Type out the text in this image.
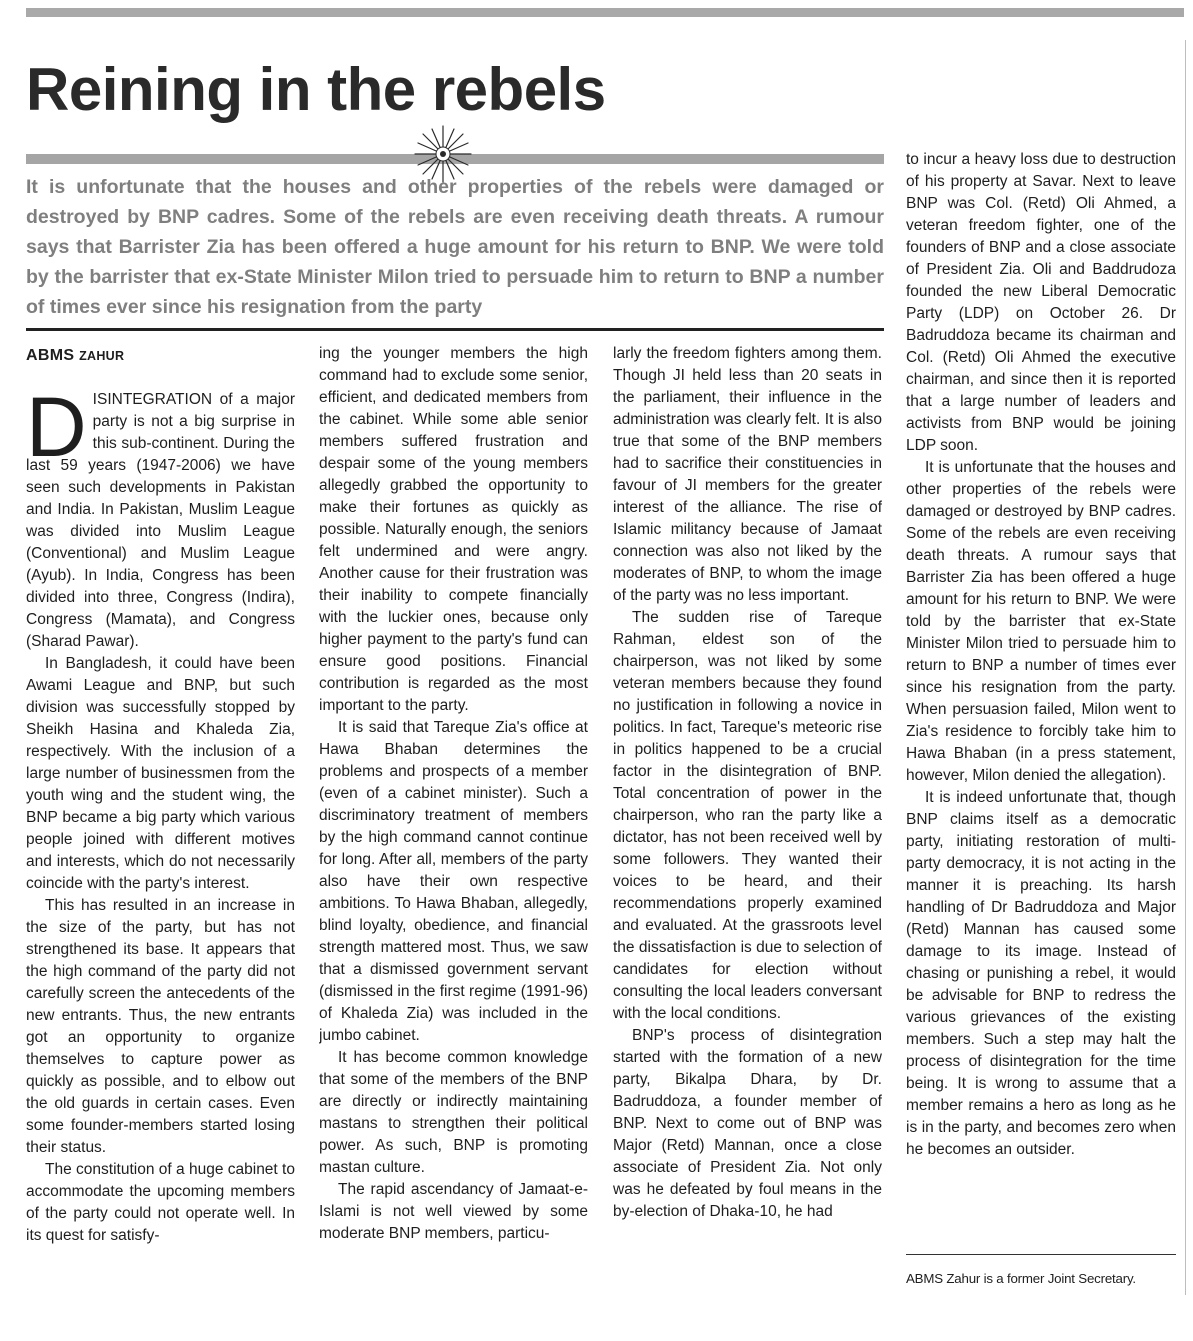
Reining in the rebels

It is unfortunate that the houses and other properties of the rebels were damaged or destroyed by BNP cadres. Some of the rebels are even receiving death threats. A rumour says that Barrister Zia has been offered a huge amount for his return to BNP. We were told by the barrister that ex-State Minister Milon tried to persuade him to return to BNP a number of times ever since his resignation from the party

ABMS ZAHUR

D ISINTEGRATION of a major party is not a big surprise in this sub-continent. During the last 59 years (1947-2006) we have seen such developments in Pakistan and India. In Pakistan, Muslim League was divided into Muslim League (Conventional) and Muslim League (Ayub). In India, Congress has been divided into three, Congress (Indira), Congress (Mamata), and Congress (Sharad Pawar).

In Bangladesh, it could have been Awami League and BNP, but such division was successfully stopped by Sheikh Hasina and Khaleda Zia, respectively. With the inclusion of a large number of businessmen from the youth wing and the student wing, the BNP became a big party which various people joined with different motives and interests, which do not necessarily coincide with the party's interest.

This has resulted in an increase in the size of the party, but has not strengthened its base. It appears that the high command of the party did not carefully screen the antecedents of the new entrants. Thus, the new entrants got an opportunity to organize themselves to capture power as quickly as possible, and to elbow out the old guards in certain cases. Even some founder-members started losing their status.

The constitution of a huge cabinet to accommodate the upcoming members of the party could not operate well. In its quest for satisfy-

ing the younger members the high command had to exclude some senior, efficient, and dedicated members from the cabinet. While some able senior members suffered frustration and despair some of the young members allegedly grabbed the opportunity to make their fortunes as quickly as possible. Naturally enough, the seniors felt undermined and were angry. Another cause for their frustration was their inability to compete financially with the luckier ones, because only higher payment to the party's fund can ensure good positions. Financial contribution is regarded as the most important to the party.

It is said that Tareque Zia's office at Hawa Bhaban determines the problems and prospects of a member (even of a cabinet minister). Such a discriminatory treatment of members by the high command cannot continue for long. After all, members of the party also have their own respective ambitions. To Hawa Bhaban, allegedly, blind loyalty, obedience, and financial strength mattered most. Thus, we saw that a dismissed government servant (dismissed in the first regime (1991-96) of Khaleda Zia) was included in the jumbo cabinet.

It has become common knowledge that some of the members of the BNP are directly or indirectly maintaining mastans to strengthen their political power. As such, BNP is promoting mastan culture.

The rapid ascendancy of Jamaat-e-Islami is not well viewed by some moderate BNP members, particu-

larly the freedom fighters among them. Though JI held less than 20 seats in the parliament, their influence in the administration was clearly felt. It is also true that some of the BNP members had to sacrifice their constituencies in favour of JI members for the greater interest of the alliance. The rise of Islamic militancy because of Jamaat connection was also not liked by the moderates of BNP, to whom the image of the party was no less important.

The sudden rise of Tareque Rahman, eldest son of the chairperson, was not liked by some veteran members because they found no justification in following a novice in politics. In fact, Tareque's meteoric rise in politics happened to be a crucial factor in the disintegration of BNP. Total concentration of power in the chairperson, who ran the party like a dictator, has not been received well by some followers. They wanted their voices to be heard, and their recommendations properly examined and evaluated. At the grassroots level the dissatisfaction is due to selection of candidates for election without consulting the local leaders conversant with the local conditions.

BNP's process of disintegration started with the formation of a new party, Bikalpa Dhara, by Dr. Badruddoza, a founder member of BNP. Next to come out of BNP was Major (Retd) Mannan, once a close associate of President Zia. Not only was he defeated by foul means in the by-election of Dhaka-10, he had

to incur a heavy loss due to destruction of his property at Savar. Next to leave BNP was Col. (Retd) Oli Ahmed, a veteran freedom fighter, one of the founders of BNP and a close associate of President Zia. Oli and Baddrudoza founded the new Liberal Democratic Party (LDP) on October 26. Dr Badruddoza became its chairman and Col. (Retd) Oli Ahmed the executive chairman, and since then it is reported that a large number of leaders and activists from BNP would be joining LDP soon.

It is unfortunate that the houses and other properties of the rebels were damaged or destroyed by BNP cadres. Some of the rebels are even receiving death threats. A rumour says that Barrister Zia has been offered a huge amount for his return to BNP. We were told by the barrister that ex-State Minister Milon tried to persuade him to return to BNP a number of times ever since his resignation from the party. When persuasion failed, Milon went to Zia's residence to forcibly take him to Hawa Bhaban (in a press statement, however, Milon denied the allegation).

It is indeed unfortunate that, though BNP claims itself as a democratic party, initiating restoration of multi-party democracy, it is not acting in the manner it is preaching. Its harsh handling of Dr Badruddoza and Major (Retd) Mannan has caused some damage to its image. Instead of chasing or punishing a rebel, it would be advisable for BNP to redress the various grievances of the existing members. Such a step may halt the process of disintegration for the time being. It is wrong to assume that a member remains a hero as long as he is in the party, and becomes zero when he becomes an outsider.

ABMS Zahur is a former Joint Secretary.
